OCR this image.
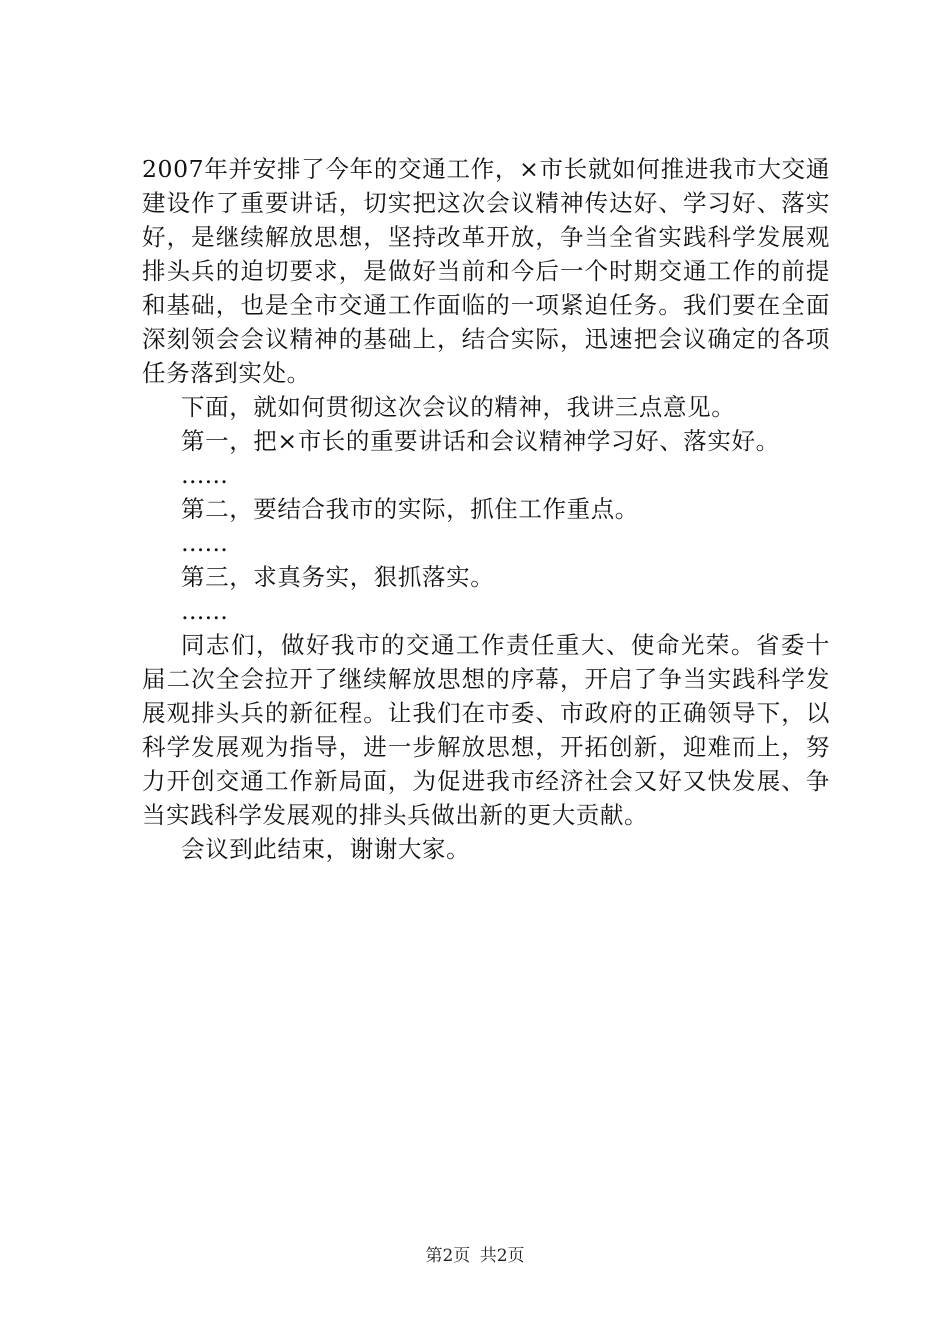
2007年并安排了今年的交通工作，×市长就如何推进我市大交通建设作了重要讲话，切实把这次会议精神传达好、学习好、落实好，是继续解放思想，坚持改革开放，争当全省实践科学发展观排头兵的迫切要求，是做好当前和今后一个时期交通工作的前提和基础，也是全市交通工作面临的一项紧迫任务。我们要在全面深刻领会会议精神的基础上，结合实际，迅速把会议确定的各项任务落到实处。

下面，就如何贯彻这次会议的精神，我讲三点意见。

第一，把×市长的重要讲话和会议精神学习好、落实好。

……

第二，要结合我市的实际，抓住工作重点。

……

第三，求真务实，狠抓落实。

……

同志们，做好我市的交通工作责任重大、使命光荣。省委十届二次全会拉开了继续解放思想的序幕，开启了争当实践科学发展观排头兵的新征程。让我们在市委、市政府的正确领导下，以科学发展观为指导，进一步解放思想，开拓创新，迎难而上，努力开创交通工作新局面，为促进我市经济社会又好又快发展、争当实践科学发展观的排头兵做出新的更大贡献。

会议到此结束，谢谢大家。

第2页 共2页
